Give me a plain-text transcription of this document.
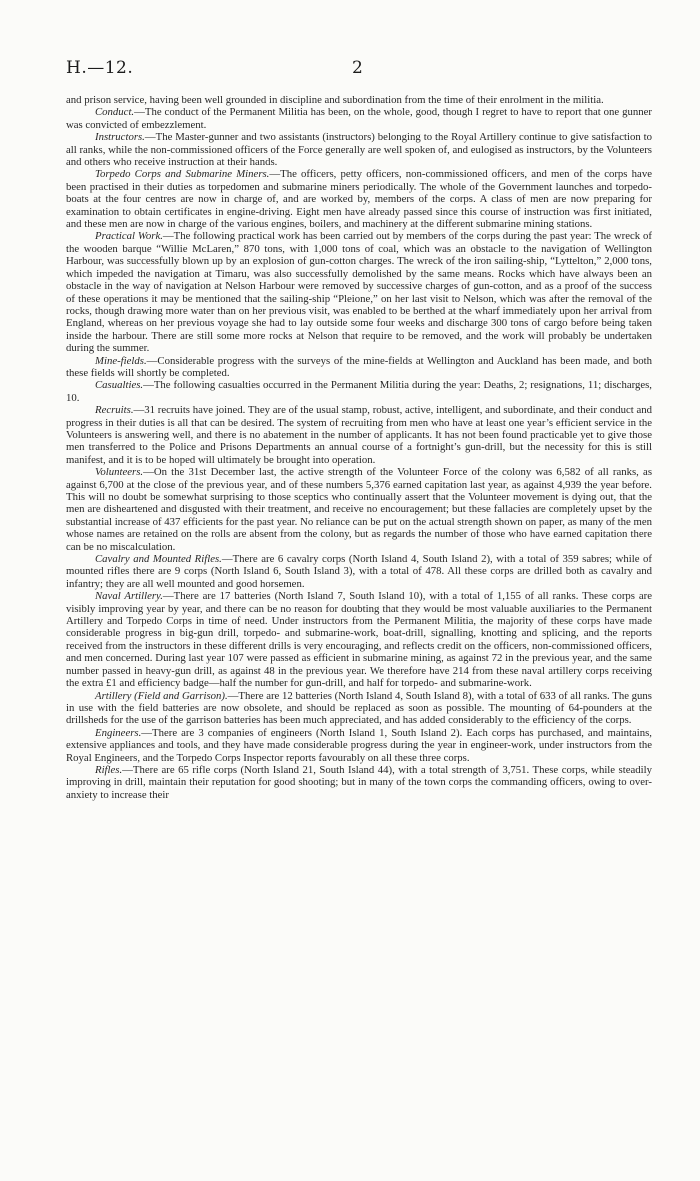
H.—12.	2

and prison service, having been well grounded in discipline and subordination from the time of their enrolment in the militia.

Conduct.—The conduct of the Permanent Militia has been, on the whole, good, though I regret to have to report that one gunner was convicted of embezzlement.

Instructors.—The Master-gunner and two assistants (instructors) belonging to the Royal Artillery continue to give satisfaction to all ranks, while the non-commissioned officers of the Force generally are well spoken of, and eulogised as instructors, by the Volunteers and others who receive instruction at their hands.

Torpedo Corps and Submarine Miners.—The officers, petty officers, non-commissioned officers, and men of the corps have been practised in their duties as torpedomen and submarine miners periodically. The whole of the Government launches and torpedo-boats at the four centres are now in charge of, and are worked by, members of the corps. A class of men are now preparing for examination to obtain certificates in engine-driving. Eight men have already passed since this course of instruction was first initiated, and these men are now in charge of the various engines, boilers, and machinery at the different submarine mining stations.

Practical Work.—The following practical work has been carried out by members of the corps during the past year: The wreck of the wooden barque “Willie McLaren,” 870 tons, with 1,000 tons of coal, which was an obstacle to the navigation of Wellington Harbour, was successfully blown up by an explosion of gun-cotton charges. The wreck of the iron sailing-ship, “Lyttelton,” 2,000 tons, which impeded the navigation at Timaru, was also successfully demolished by the same means. Rocks which have always been an obstacle in the way of navigation at Nelson Harbour were removed by successive charges of gun-cotton, and as a proof of the success of these operations it may be mentioned that the sailing-ship “Pleione,” on her last visit to Nelson, which was after the removal of the rocks, though drawing more water than on her previous visit, was enabled to be berthed at the wharf immediately upon her arrival from England, whereas on her previous voyage she had to lay outside some four weeks and discharge 300 tons of cargo before being taken inside the harbour. There are still some more rocks at Nelson that require to be removed, and the work will probably be undertaken during the summer.

Mine-fields.—Considerable progress with the surveys of the mine-fields at Wellington and Auckland has been made, and both these fields will shortly be completed.

Casualties.—The following casualties occurred in the Permanent Militia during the year: Deaths, 2; resignations, 11; discharges, 10.

Recruits.—31 recruits have joined. They are of the usual stamp, robust, active, intelligent, and subordinate, and their conduct and progress in their duties is all that can be desired. The system of recruiting from men who have at least one year’s efficient service in the Volunteers is answering well, and there is no abatement in the number of applicants. It has not been found practicable yet to give those men transferred to the Police and Prisons Departments an annual course of a fortnight’s gun-drill, but the necessity for this is still manifest, and it is to be hoped will ultimately be brought into operation.

Volunteers.—On the 31st December last, the active strength of the Volunteer Force of the colony was 6,582 of all ranks, as against 6,700 at the close of the previous year, and of these numbers 5,376 earned capitation last year, as against 4,939 the year before. This will no doubt be somewhat surprising to those sceptics who continually assert that the Volunteer movement is dying out, that the men are disheartened and disgusted with their treatment, and receive no encouragement; but these fallacies are completely upset by the substantial increase of 437 efficients for the past year. No reliance can be put on the actual strength shown on paper, as many of the men whose names are retained on the rolls are absent from the colony, but as regards the number of those who have earned capitation there can be no miscalculation.

Cavalry and Mounted Rifles.—There are 6 cavalry corps (North Island 4, South Island 2), with a total of 359 sabres; while of mounted rifles there are 9 corps (North Island 6, South Island 3), with a total of 478. All these corps are drilled both as cavalry and infantry; they are all well mounted and good horsemen.

Naval Artillery.—There are 17 batteries (North Island 7, South Island 10), with a total of 1,155 of all ranks. These corps are visibly improving year by year, and there can be no reason for doubting that they would be most valuable auxiliaries to the Permanent Artillery and Torpedo Corps in time of need. Under instructors from the Permanent Militia, the majority of these corps have made considerable progress in big-gun drill, torpedo- and submarine-work, boat-drill, signalling, knotting and splicing, and the reports received from the instructors in these different drills is very encouraging, and reflects credit on the officers, non-commissioned officers, and men concerned. During last year 107 were passed as efficient in submarine mining, as against 72 in the previous year, and the same number passed in heavy-gun drill, as against 48 in the previous year. We therefore have 214 from these naval artillery corps receiving the extra £1 and efficiency badge—half the number for gun-drill, and half for torpedo- and submarine-work.

Artillery (Field and Garrison).—There are 12 batteries (North Island 4, South Island 8), with a total of 633 of all ranks. The guns in use with the field batteries are now obsolete, and should be replaced as soon as possible. The mounting of 64-pounders at the drillsheds for the use of the garrison batteries has been much appreciated, and has added considerably to the efficiency of the corps.

Engineers.—There are 3 companies of engineers (North Island 1, South Island 2). Each corps has purchased, and maintains, extensive appliances and tools, and they have made considerable progress during the year in engineer-work, under instructors from the Royal Engineers, and the Torpedo Corps Inspector reports favourably on all these three corps.

Rifles.—There are 65 rifle corps (North Island 21, South Island 44), with a total strength of 3,751. These corps, while steadily improving in drill, maintain their reputation for good shooting; but in many of the town corps the commanding officers, owing to over-anxiety to increase their
